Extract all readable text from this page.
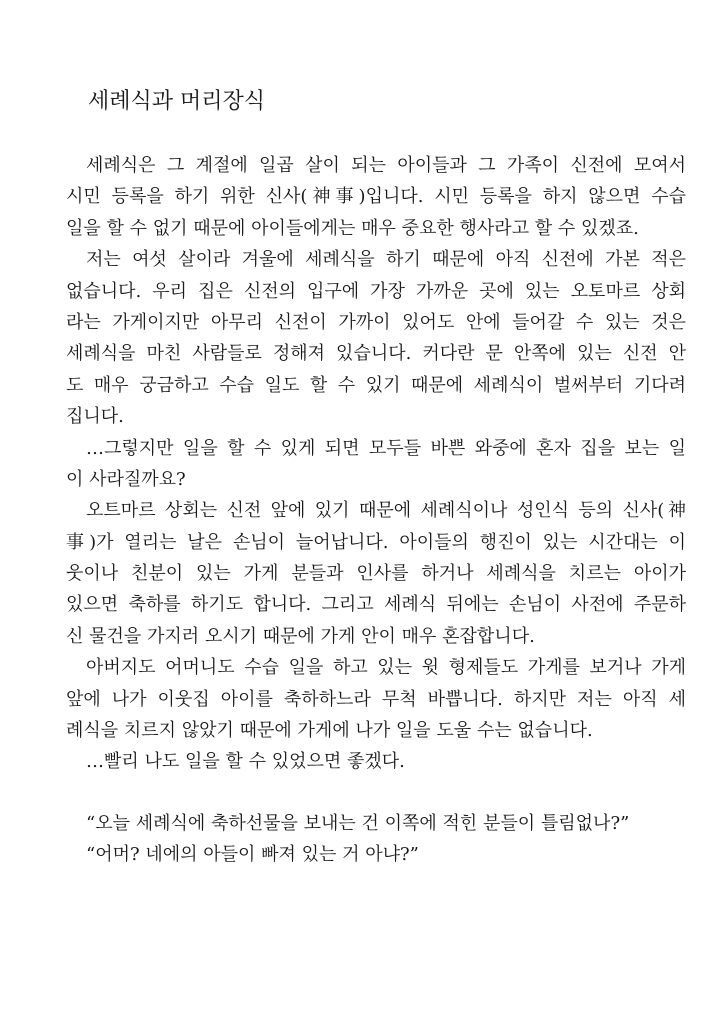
세례식과 머리장식
세례식은 그 계절에 일곱 살이 되는 아이들과 그 가족이 신전에 모여서
시민 등록을 하기 위한 신사(神事)입니다. 시민 등록을 하지 않으면 수습
일을 할 수 없기 때문에 아이들에게는 매우 중요한 행사라고 할 수 있겠죠.
저는 여섯 살이라 겨울에 세례식을 하기 때문에 아직 신전에 가본 적은
없습니다. 우리 집은 신전의 입구에 가장 가까운 곳에 있는 오토마르 상회
라는 가게이지만 아무리 신전이 가까이 있어도 안에 들어갈 수 있는 것은
세례식을 마친 사람들로 정해져 있습니다. 커다란 문 안쪽에 있는 신전 안
도 매우 궁금하고 수습 일도 할 수 있기 때문에 세례식이 벌써부터 기다려
집니다.
…그렇지만 일을 할 수 있게 되면 모두들 바쁜 와중에 혼자 집을 보는 일
이 사라질까요?
오트마르 상회는 신전 앞에 있기 때문에 세례식이나 성인식 등의 신사(神
事)가 열리는 날은 손님이 늘어납니다. 아이들의 행진이 있는 시간대는 이
웃이나 친분이 있는 가게 분들과 인사를 하거나 세례식을 치르는 아이가
있으면 축하를 하기도 합니다. 그리고 세례식 뒤에는 손님이 사전에 주문하
신 물건을 가지러 오시기 때문에 가게 안이 매우 혼잡합니다.
아버지도 어머니도 수습 일을 하고 있는 윗 형제들도 가게를 보거나 가게
앞에 나가 이웃집 아이를 축하하느라 무척 바쁩니다. 하지만 저는 아직 세
례식을 치르지 않았기 때문에 가게에 나가 일을 도울 수는 없습니다.
…빨리 나도 일을 할 수 있었으면 좋겠다.
“오늘 세례식에 축하선물을 보내는 건 이쪽에 적힌 분들이 틀림없나?”
“어머? 네에의 아들이 빠져 있는 거 아냐?”
